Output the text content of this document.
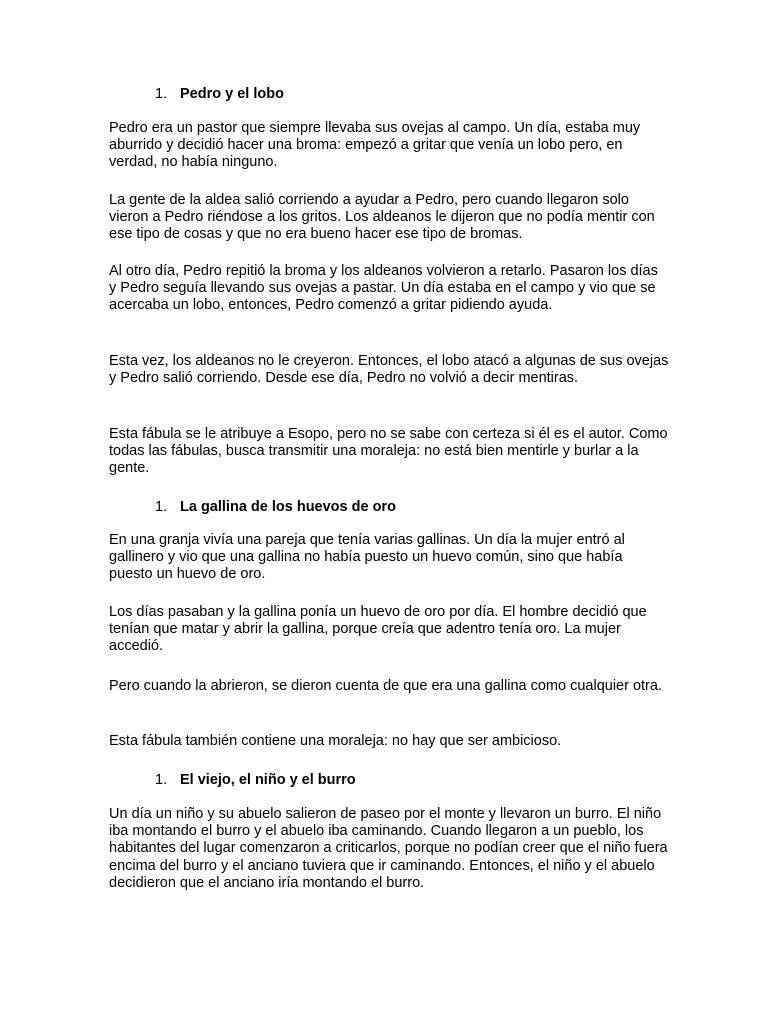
1. Pedro y el lobo

Pedro era un pastor que siempre llevaba sus ovejas al campo. Un día, estaba muy aburrido y decidió hacer una broma: empezó a gritar que venía un lobo pero, en verdad, no había ninguno.

La gente de la aldea salió corriendo a ayudar a Pedro, pero cuando llegaron solo vieron a Pedro riéndose a los gritos. Los aldeanos le dijeron que no podía mentir con ese tipo de cosas y que no era bueno hacer ese tipo de bromas.

Al otro día, Pedro repitió la broma y los aldeanos volvieron a retarlo. Pasaron los días y Pedro seguía llevando sus ovejas a pastar. Un día estaba en el campo y vio que se acercaba un lobo, entonces, Pedro comenzó a gritar pidiendo ayuda.

Esta vez, los aldeanos no le creyeron. Entonces, el lobo atacó a algunas de sus ovejas y Pedro salió corriendo. Desde ese día, Pedro no volvió a decir mentiras.

Esta fábula se le atribuye a Esopo, pero no se sabe con certeza si él es el autor. Como todas las fábulas, busca transmitir una moraleja: no está bien mentirle y burlar a la gente.

1. La gallina de los huevos de oro

En una granja vivía una pareja que tenía varias gallinas. Un día la mujer entró al gallinero y vio que una gallina no había puesto un huevo común, sino que había puesto un huevo de oro.

Los días pasaban y la gallina ponía un huevo de oro por día. El hombre decidió que tenían que matar y abrir la gallina, porque creía que adentro tenía oro. La mujer accedió.

Pero cuando la abrieron, se dieron cuenta de que era una gallina como cualquier otra.

Esta fábula también contiene una moraleja: no hay que ser ambicioso.

1. El viejo, el niño y el burro

Un día un niño y su abuelo salieron de paseo por el monte y llevaron un burro. El niño iba montando el burro y el abuelo iba caminando. Cuando llegaron a un pueblo, los habitantes del lugar comenzaron a criticarlos, porque no podían creer que el niño fuera encima del burro y el anciano tuviera que ir caminando. Entonces, el niño y el abuelo decidieron que el anciano iría montando el burro.
